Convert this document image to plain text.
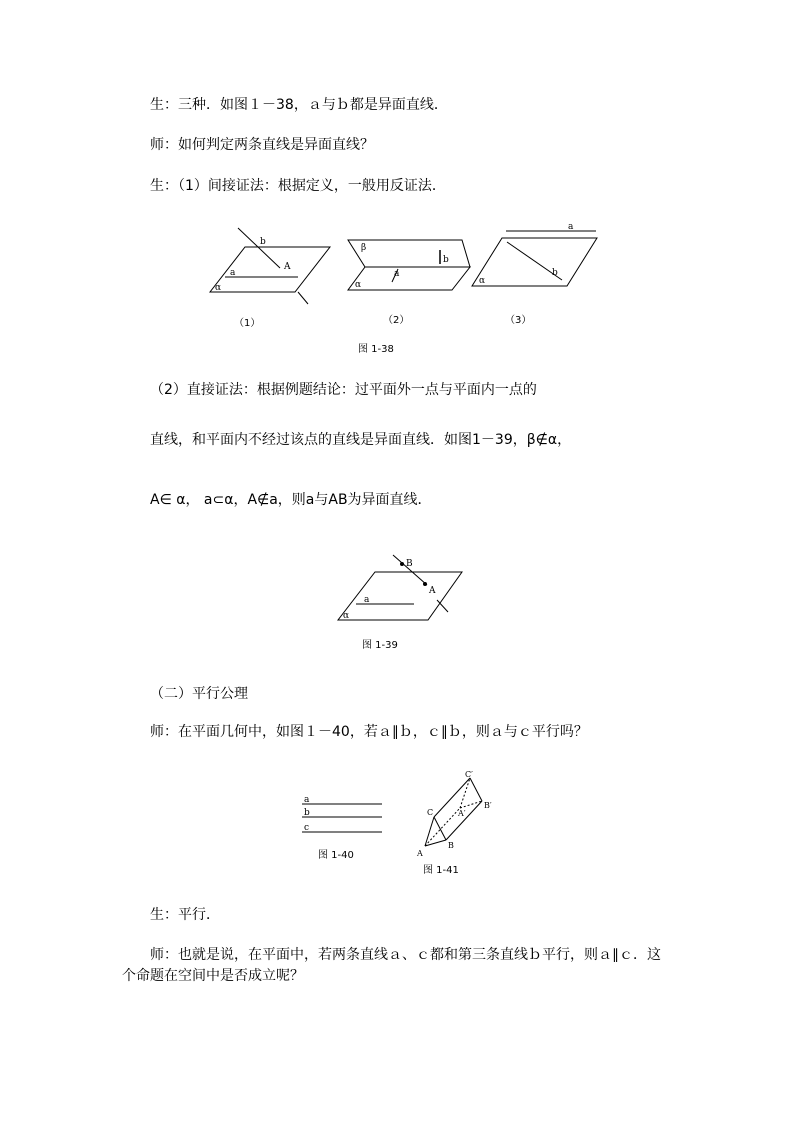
生：三种．如图１－38，ａ与ｂ都是异面直线．
师：如何判定两条直线是异面直线？
生：（1）间接证法：根据定义，一般用反证法．
b
A
a
α
β
b
a
α
a
b
α
（1）	（2）	（3）
图 1-38
（2）直接证法：根据例题结论：过平面外一点与平面内一点的
直线，和平面内不经过该点的直线是异面直线．如图1－39，β∉α，
A∈ α， a⊂α，A∉a，则a与AB为异面直线．
B
A
a
α
图 1-39
（二）平行公理
师：在平面几何中，如图１－40，若ａ∥ｂ，ｃ∥ｂ，则ａ与ｃ平行吗？
a
b
c
图 1-40
C′
C
B′
A′
A
B
图 1-41
生：平行．
师：也就是说，在平面中，若两条直线ａ、ｃ都和第三条直线ｂ平行，则ａ∥ｃ．这
个命题在空间中是否成立呢？
